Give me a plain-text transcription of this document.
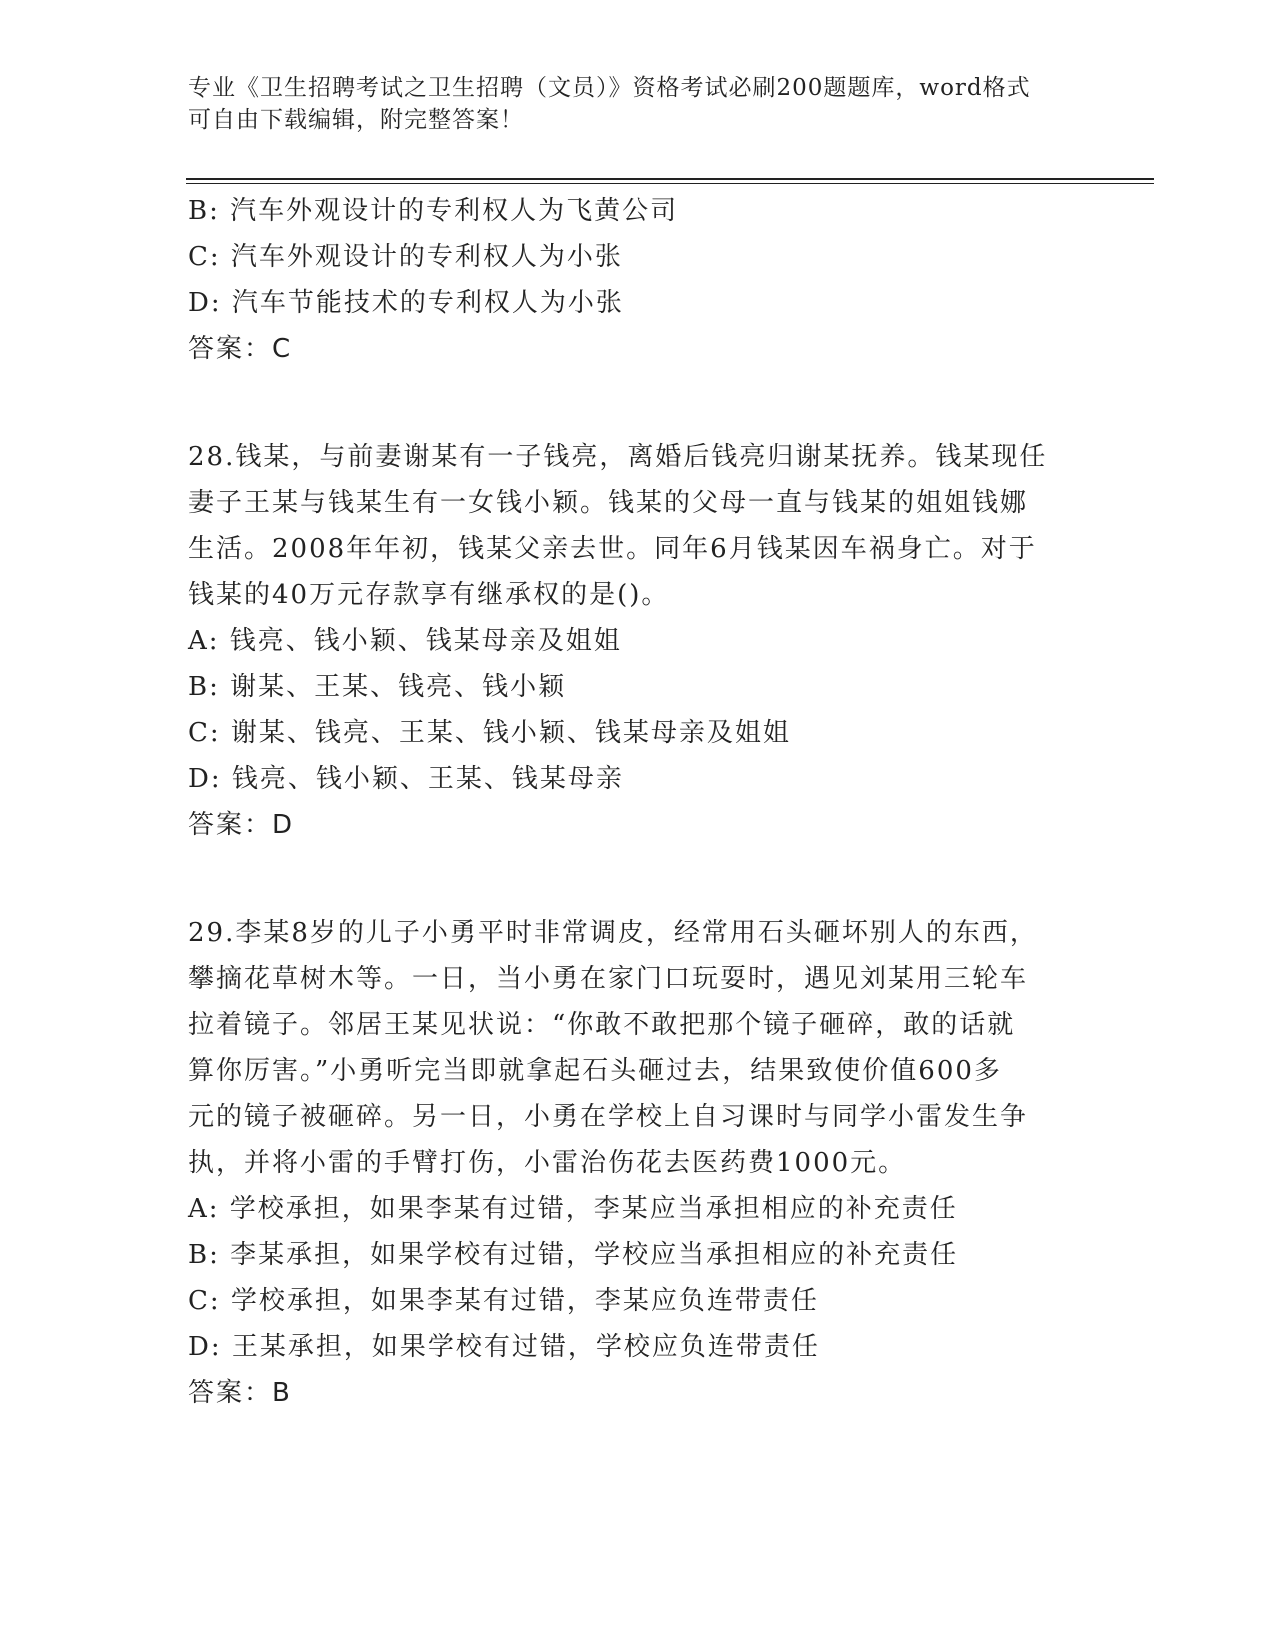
专业《卫生招聘考试之卫生招聘（文员）》资格考试必刷200题题库，word格式
可自由下载编辑，附完整答案！
B: 汽车外观设计的专利权人为飞黄公司
C: 汽车外观设计的专利权人为小张
D: 汽车节能技术的专利权人为小张
答案：C
28.钱某，与前妻谢某有一子钱亮，离婚后钱亮归谢某抚养。钱某现任
妻子王某与钱某生有一女钱小颖。钱某的父母一直与钱某的姐姐钱娜
生活。2008年年初，钱某父亲去世。同年6月钱某因车祸身亡。对于
钱某的40万元存款享有继承权的是()。
A: 钱亮、钱小颖、钱某母亲及姐姐
B: 谢某、王某、钱亮、钱小颖
C: 谢某、钱亮、王某、钱小颖、钱某母亲及姐姐
D: 钱亮、钱小颖、王某、钱某母亲
答案：D
29.李某8岁的儿子小勇平时非常调皮，经常用石头砸坏别人的东西，
攀摘花草树木等。一日，当小勇在家门口玩耍时，遇见刘某用三轮车
拉着镜子。邻居王某见状说：“你敢不敢把那个镜子砸碎，敢的话就
算你厉害。”小勇听完当即就拿起石头砸过去，结果致使价值600多
元的镜子被砸碎。另一日，小勇在学校上自习课时与同学小雷发生争
执，并将小雷的手臂打伤，小雷治伤花去医药费1000元。
A: 学校承担，如果李某有过错，李某应当承担相应的补充责任
B: 李某承担，如果学校有过错，学校应当承担相应的补充责任
C: 学校承担，如果李某有过错，李某应负连带责任
D: 王某承担，如果学校有过错，学校应负连带责任
答案：B
